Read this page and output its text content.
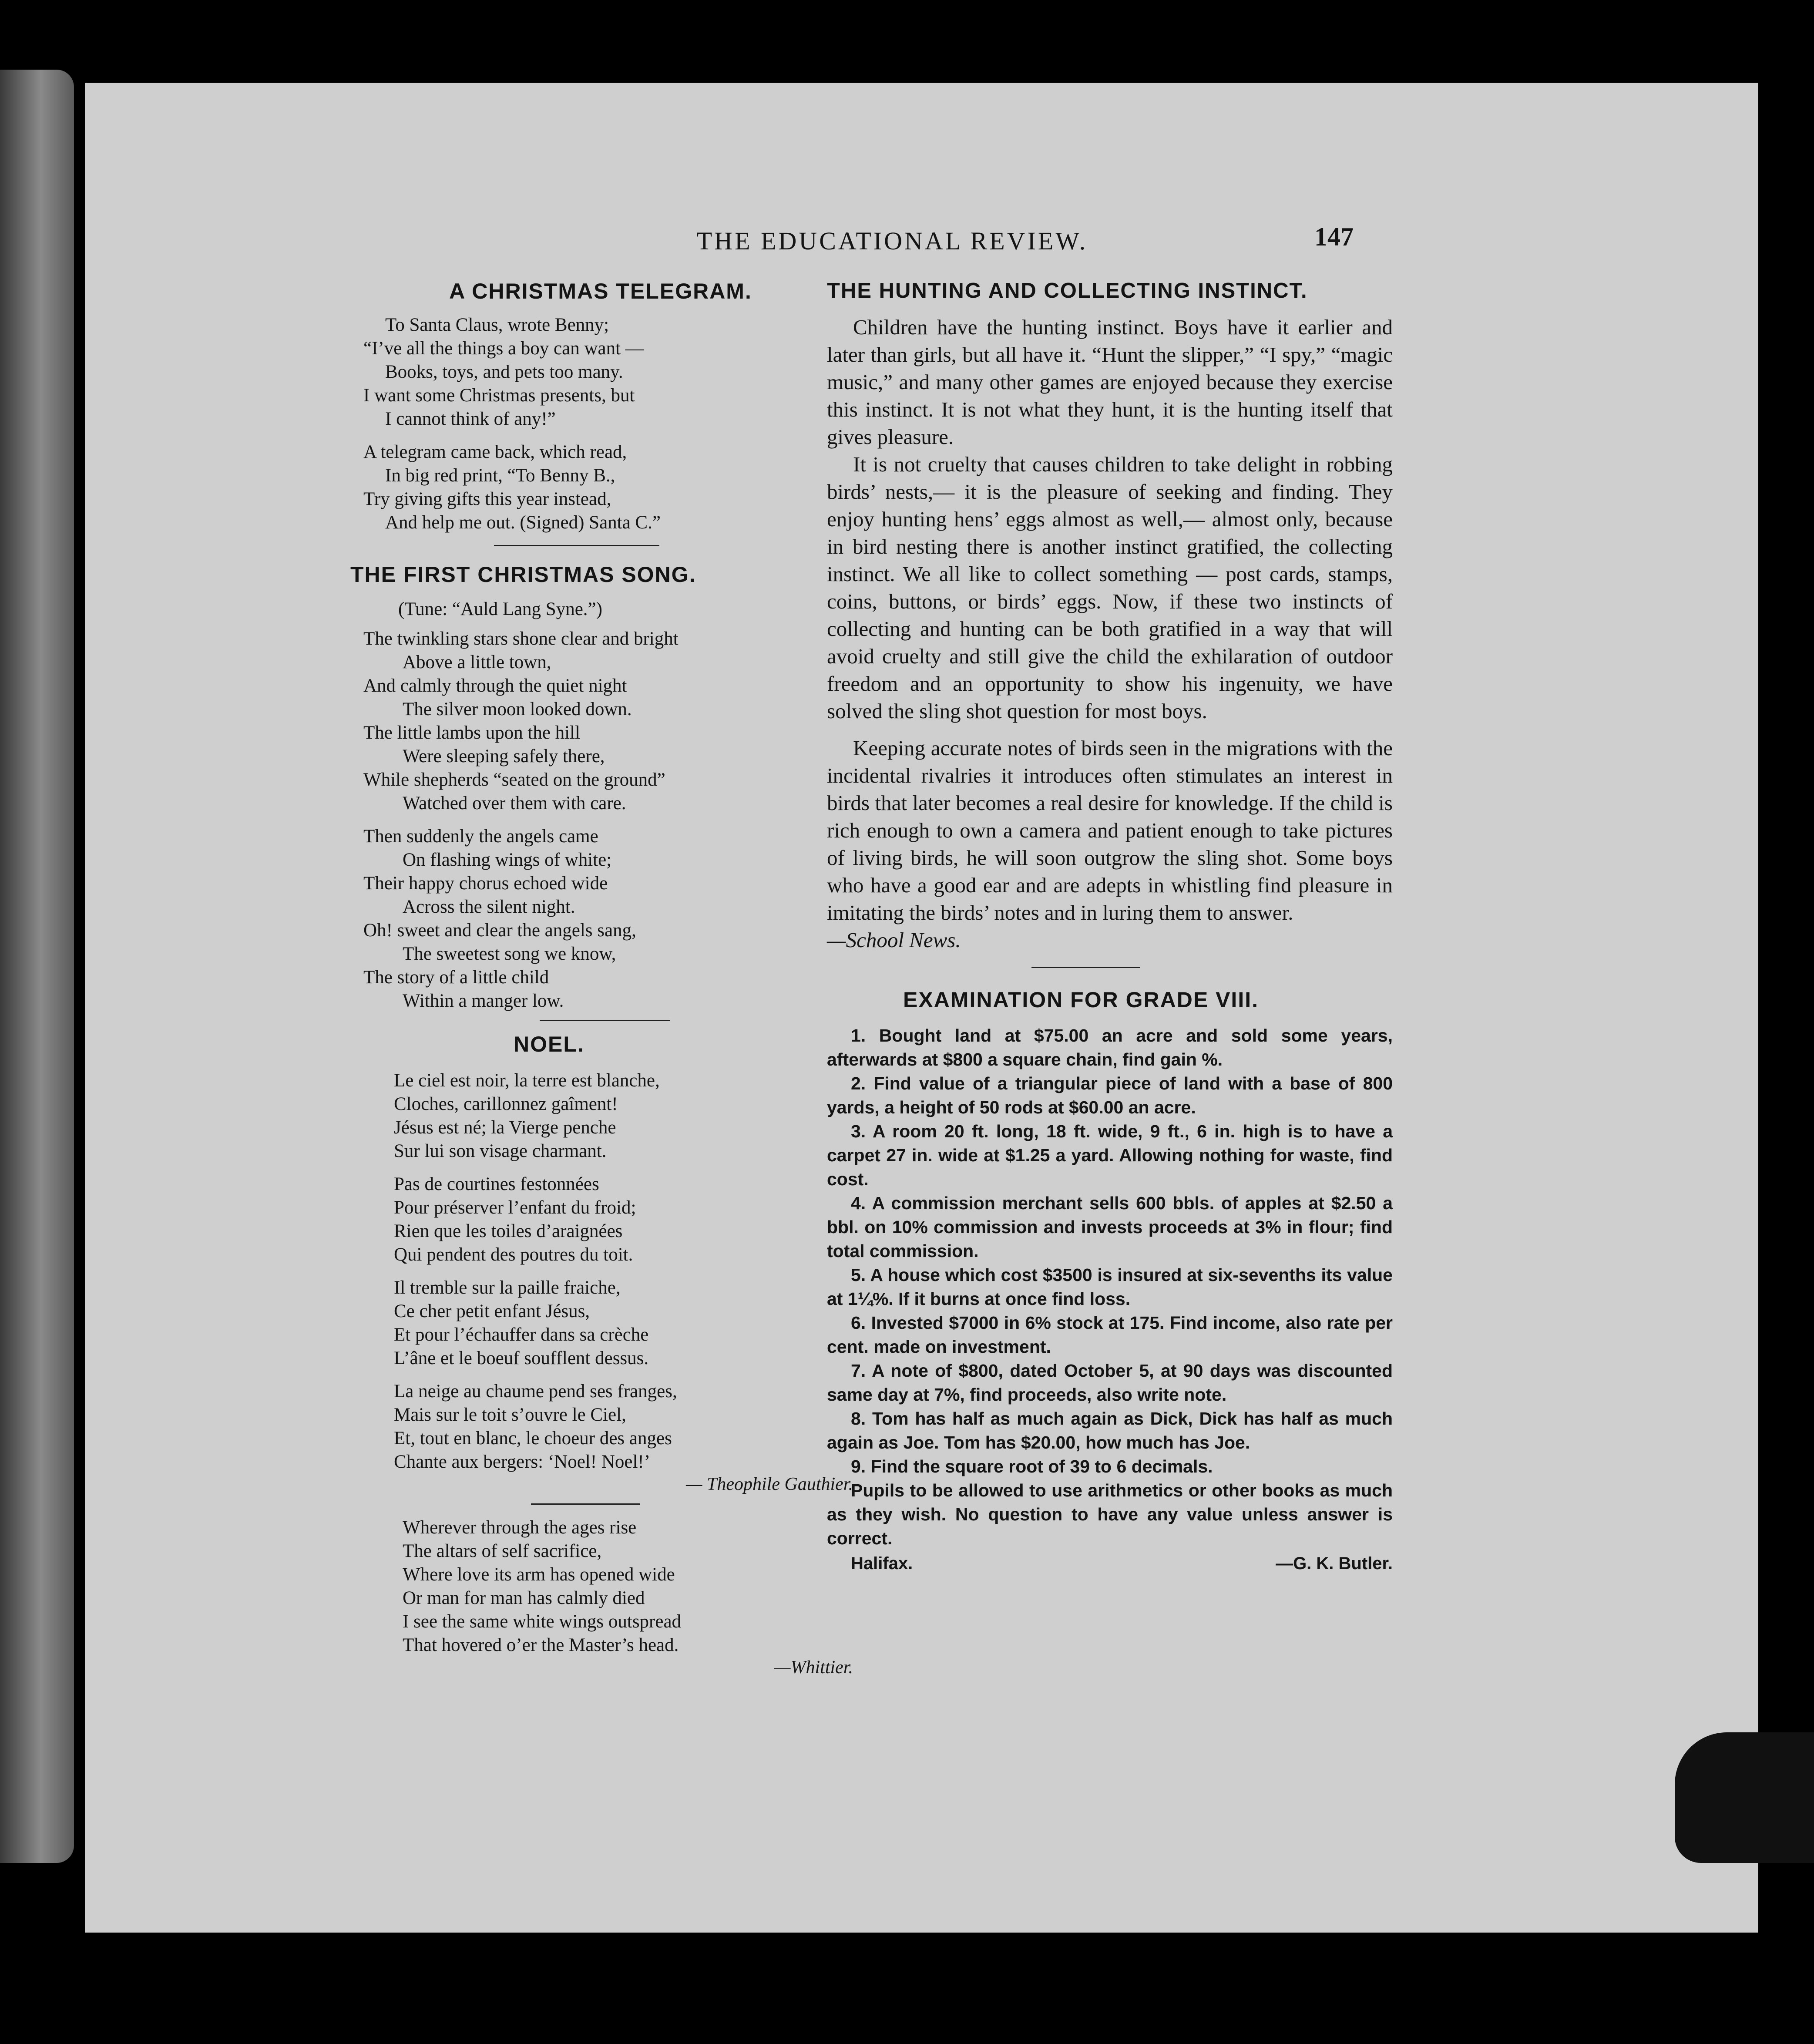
THE EDUCATIONAL REVIEW.	147
A CHRISTMAS TELEGRAM.
To Santa Claus, wrote Benny;
“I’ve all the things a boy can want —
Books, toys, and pets too many.
I want some Christmas presents, but
I cannot think of any!”
A telegram came back, which read,
In big red print, “To Benny B.,
Try giving gifts this year instead,
And help me out. (Signed) Santa C.”
THE FIRST CHRISTMAS SONG.
(Tune: “Auld Lang Syne.”)
The twinkling stars shone clear and bright
Above a little town,
And calmly through the quiet night
The silver moon looked down.
The little lambs upon the hill
Were sleeping safely there,
While shepherds “seated on the ground”
Watched over them with care.
Then suddenly the angels came
On flashing wings of white;
Their happy chorus echoed wide
Across the silent night.
Oh! sweet and clear the angels sang,
The sweetest song we know,
The story of a little child
Within a manger low.
NOEL.
Le ciel est noir, la terre est blanche,
Cloches, carillonnez gaîment!
Jésus est né; la Vierge penche
Sur lui son visage charmant.
Pas de courtines festonnées
Pour préserver l’enfant du froid;
Rien que les toiles d’araignées
Qui pendent des poutres du toit.
Il tremble sur la paille fraiche,
Ce cher petit enfant Jésus,
Et pour l’échauffer dans sa crèche
L’âne et le boeuf soufflent dessus.
La neige au chaume pend ses franges,
Mais sur le toit s’ouvre le Ciel,
Et, tout en blanc, le choeur des anges
Chante aux bergers: ‘Noel! Noel!’
— Theophile Gauthier.
Wherever through the ages rise
The altars of self sacrifice,
Where love its arm has opened wide
Or man for man has calmly died
I see the same white wings outspread
That hovered o’er the Master’s head.
—Whittier.
THE HUNTING AND COLLECTING INSTINCT.

Children have the hunting instinct. Boys have it earlier and later than girls, but all have it. “Hunt the slipper,” “I spy,” “magic music,” and many other games are enjoyed because they exercise this instinct. It is not what they hunt, it is the hunting itself that gives pleasure.

It is not cruelty that causes children to take delight in robbing birds’ nests,— it is the pleasure of seeking and finding. They enjoy hunting hens’ eggs almost as well,— almost only, because in bird nesting there is another instinct gratified, the collecting instinct. We all like to collect something — post cards, stamps, coins, buttons, or birds’ eggs. Now, if these two instincts of collecting and hunting can be both gratified in a way that will avoid cruelty and still give the child the exhilaration of outdoor freedom and an opportunity to show his ingenuity, we have solved the sling shot question for most boys.

Keeping accurate notes of birds seen in the migrations with the incidental rivalries it introduces often stimulates an interest in birds that later becomes a real desire for knowledge. If the child is rich enough to own a camera and patient enough to take pictures of living birds, he will soon outgrow the sling shot. Some boys who have a good ear and are adepts in whistling find pleasure in imitating the birds’ notes and in luring them to answer.

—School News.
EXAMINATION FOR GRADE VIII.

1. Bought land at $75.00 an acre and sold some years, afterwards at $800 a square chain, find gain %.

2. Find value of a triangular piece of land with a base of 800 yards, a height of 50 rods at $60.00 an acre.

3. A room 20 ft. long, 18 ft. wide, 9 ft., 6 in. high is to have a carpet 27 in. wide at $1.25 a yard. Allowing nothing for waste, find cost.

4. A commission merchant sells 600 bbls. of apples at $2.50 a bbl. on 10% commission and invests proceeds at 3% in flour; find total commission.

5. A house which cost $3500 is insured at six-sevenths its value at 1¼%. If it burns at once find loss.

6. Invested $7000 in 6% stock at 175. Find income, also rate per cent. made on investment.

7. A note of $800, dated October 5, at 90 days was discounted same day at 7%, find proceeds, also write note.

8. Tom has half as much again as Dick, Dick has half as much again as Joe. Tom has $20.00, how much has Joe.

9. Find the square root of 39 to 6 decimals.

Pupils to be allowed to use arithmetics or other books as much as they wish. No question to have any value unless answer is correct.

Halifax.	—G. K. Butler.
